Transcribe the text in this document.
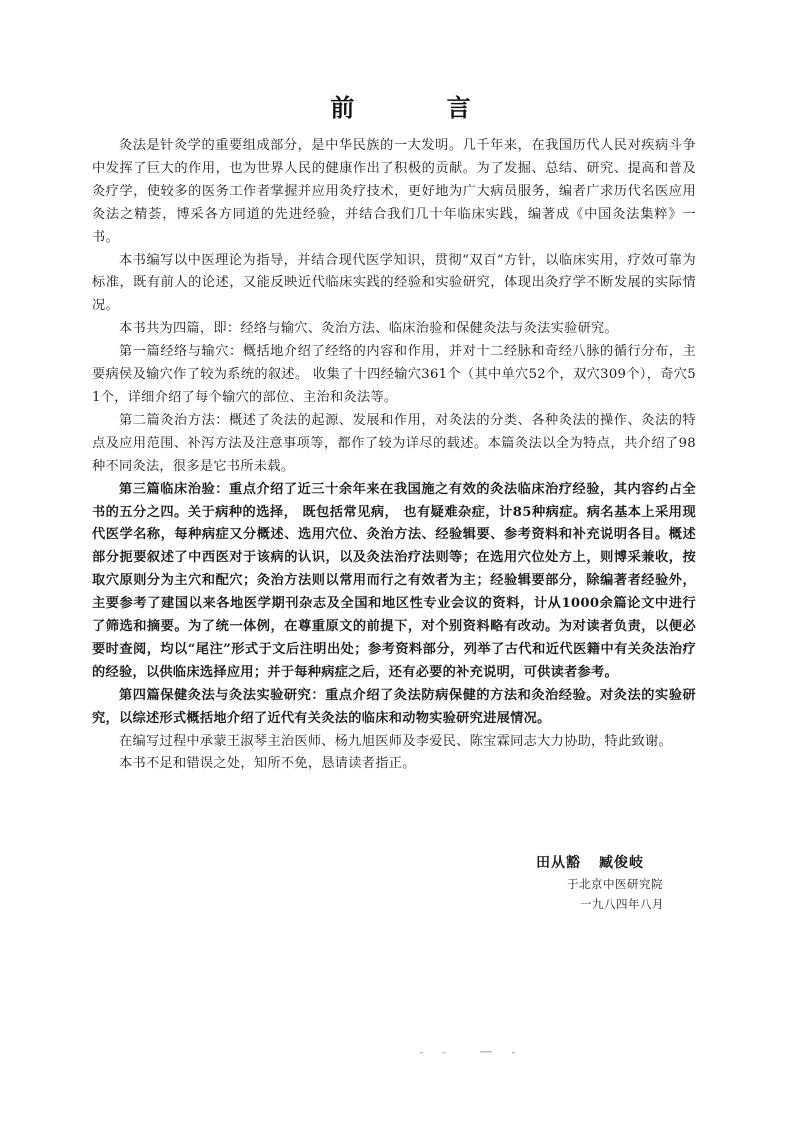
前 言

灸法是针灸学的重要组成部分，是中华民族的一大发明。几千年来，在我国历代人民对疾病斗争中发挥了巨大的作用，也为世界人民的健康作出了积极的贡献。为了发掘、总结、研究、提高和普及灸疗学，使较多的医务工作者掌握并应用灸疗技术，更好地为广大病员服务，编者广求历代名医应用灸法之精荟，博采各方同道的先进经验，并结合我们几十年临床实践，编著成《中国灸法集粹》一书。

本书编写以中医理论为指导，并结合现代医学知识，贯彻“双百”方针，以临床实用，疗效可靠为标准，既有前人的论述，又能反映近代临床实践的经验和实验研究，体现出灸疗学不断发展的实际情况。

本书共为四篇，即：经络与输穴、灸治方法、临床治验和保健灸法与灸法实验研究。

第一篇经络与输穴：概括地介绍了经络的内容和作用，并对十二经脉和奇经八脉的循行分布，主要病侯及输穴作了较为系统的叙述。 收集了十四经输穴361个（其中单穴52个，双穴309个），奇穴51个，详细介绍了每个输穴的部位、主治和灸法等。

第二篇灸治方法：概述了灸法的起源、发展和作用，对灸法的分类、各种灸法的操作、灸法的特点及应用范围、补泻方法及注意事项等，都作了较为详尽的载述。本篇灸法以全为特点，共介绍了98种不同灸法，很多是它书所未载。

第三篇临床治验：重点介绍了近三十余年来在我国施之有效的灸法临床治疗经验，其内容约占全书的五分之四。关于病种的选择， 既包括常见病， 也有疑难杂症，计85种病症。病名基本上采用现代医学名称，每种病症又分概述、选用穴位、灸治方法、经验辑要、参考资料和补充说明各目。概述部分扼要叙述了中西医对于该病的认识，以及灸法治疗法则等；在选用穴位处方上，则博采兼收，按取穴原则分为主穴和配穴；灸治方法则以常用而行之有效者为主；经验辑要部分，除编著者经验外，主要参考了建国以来各地医学期刊杂志及全国和地区性专业会议的资料，计从1000余篇论文中进行了筛选和摘要。为了统一体例，在尊重原文的前提下，对个别资料略有改动。为对读者负责，以便必要时查阅，均以“尾注”形式于文后注明出处；参考资料部分，列举了古代和近代医籍中有关灸法治疗的经验，以供临床选择应用；并于每种病症之后，还有必要的补充说明，可供读者参考。

第四篇保健灸法与灸法实验研究：重点介绍了灸法防病保健的方法和灸治经验。对灸法的实验研究，以综述形式概括地介绍了近代有关灸法的临床和动物实验研究进展情况。

在编写过程中承蒙王淑琴主治医师、杨九旭医师及李爱民、陈宝霖同志大力协助，特此致谢。

本书不足和错误之处，知所不免，恳请读者指正。

田从豁 臧俊岐
于北京中医研究院
一九八四年八月
